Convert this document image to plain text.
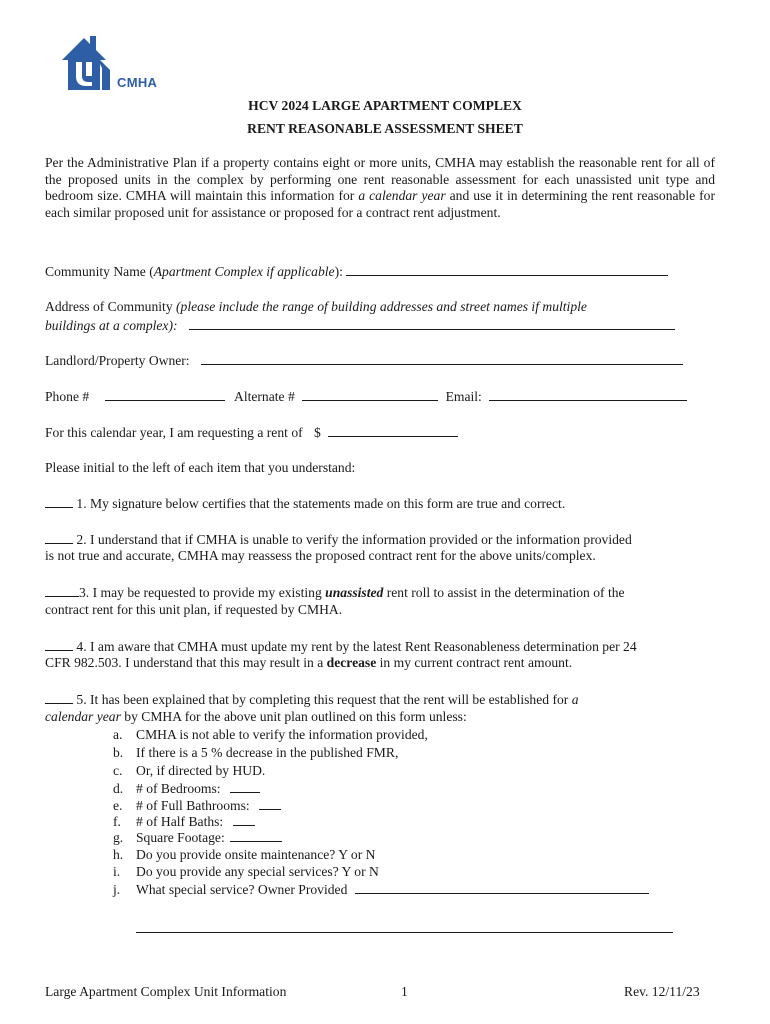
CMHA
HCV 2024 LARGE APARTMENT COMPLEX
RENT REASONABLE ASSESSMENT SHEET
Per the Administrative Plan if a property contains eight or more units, CMHA may establish the reasonable rent for all of the proposed units in the complex by performing one rent reasonable assessment for each unassisted unit type and bedroom size. CMHA will maintain this information for a calendar year and use it in determining the rent reasonable for each similar proposed unit for assistance or proposed for a contract rent adjustment.
Community Name (Apartment Complex if applicable):
Address of Community (please include the range of building addresses and street names if multiple
buildings at a complex):
Landlord/Property Owner:
Phone #	Alternate #	Email:
For this calendar year, I am requesting a rent of $
Please initial to the left of each item that you understand:
1. My signature below certifies that the statements made on this form are true and correct.
2. I understand that if CMHA is unable to verify the information provided or the information provided
is not true and accurate, CMHA may reassess the proposed contract rent for the above units/complex.
3. I may be requested to provide my existing unassisted rent roll to assist in the determination of the
contract rent for this unit plan, if requested by CMHA.
4. I am aware that CMHA must update my rent by the latest Rent Reasonableness determination per 24
CFR 982.503. I understand that this may result in a decrease in my current contract rent amount.
5. It has been explained that by completing this request that the rent will be established for a
calendar year by CMHA for the above unit plan outlined on this form unless:
a. CMHA is not able to verify the information provided,
b. If there is a 5 % decrease in the published FMR,
c. Or, if directed by HUD.
d. # of Bedrooms:
e. # of Full Bathrooms:
f. # of Half Baths:
g. Square Footage:
h. Do you provide onsite maintenance? Y or N
i. Do you provide any special services? Y or N
j. What special service? Owner Provided
Large Apartment Complex Unit Information	1	Rev. 12/11/23
